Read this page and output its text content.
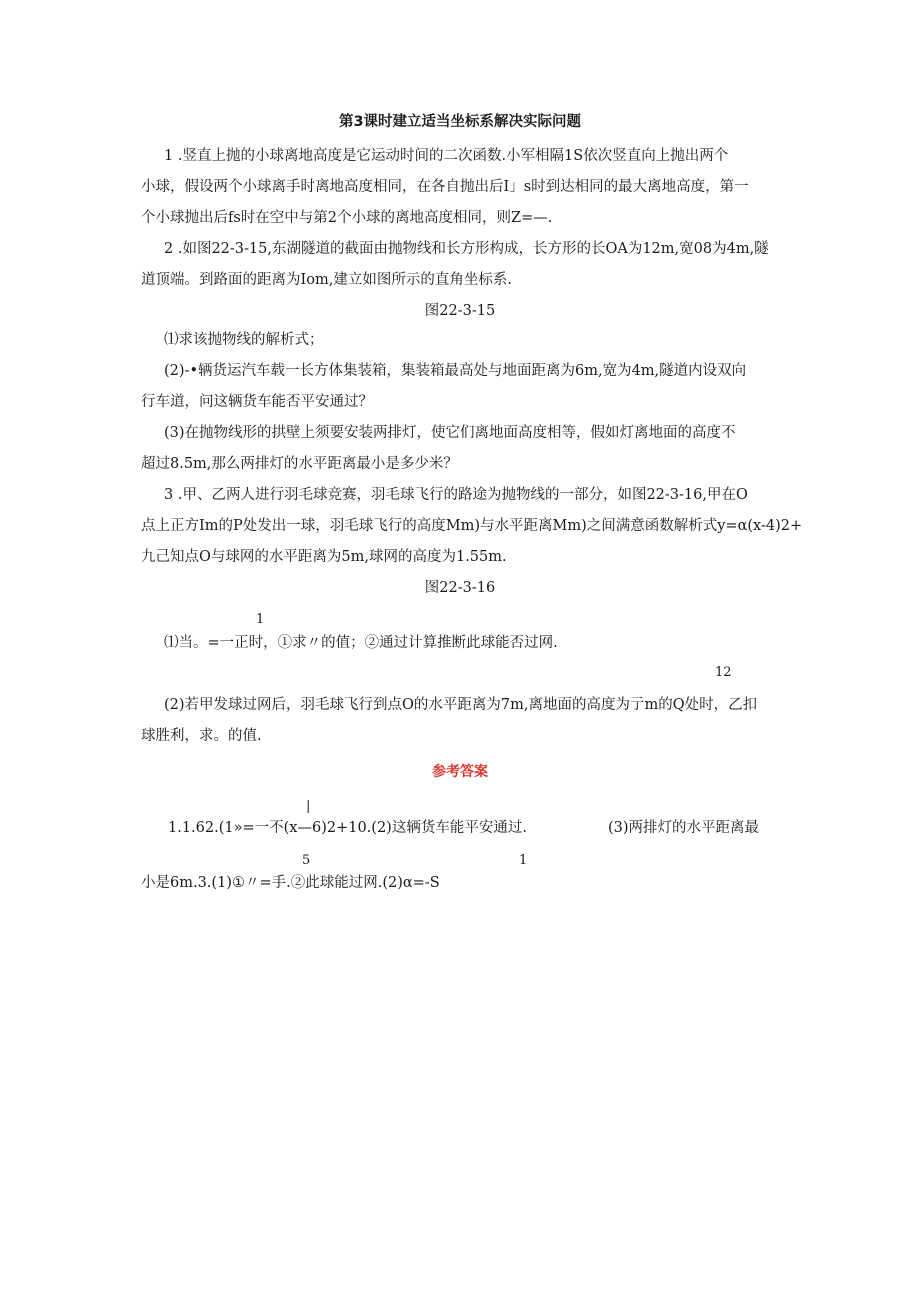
第3课时建立适当坐标系解决实际问题

1 .竖直上抛的小球离地高度是它运动时间的二次函数.小军相隔1S依次竖直向上抛出两个

小球，假设两个小球离手时离地高度相同，在各自抛出后I」s时到达相同的最大离地高度，第一

个小球抛出后fs时在空中与第2个小球的离地高度相同，则Z=—.

2 .如图22-3-15,东湖隧道的截面由抛物线和长方形构成，长方形的长OA为12m,宽08为4m,隧

道顶端。到路面的距离为Iom,建立如图所示的直角坐标系.

图22-3-15

⑴求该抛物线的解析式；

(2)-•辆货运汽车载一长方体集装箱，集装箱最高处与地面距离为6m,宽为4m,隧道内设双向

行车道，问这辆货车能否平安通过？

(3)在抛物线形的拱壁上须要安装两排灯，使它们离地面高度相等，假如灯离地面的高度不

超过8.5m,那么两排灯的水平距离最小是多少米？

3 .甲、乙两人进行羽毛球竞赛，羽毛球飞行的路途为抛物线的一部分，如图22-3-16,甲在O

点上正方Im的P处发出一球，羽毛球飞行的高度Mm)与水平距离Mm)之间满意函数解析式y=α(x-4)2+

九己知点O与球网的水平距离为5m,球网的高度为1.55m.

图22-3-16

1

⑴当。=一正时，①求〃的值；②通过计算推断此球能否过网.

12

(2)若甲发球过网后，羽毛球飞行到点O的水平距离为7m,离地面的高度为亍m的Q处时，乙扣

球胜利，求。的值.

参考答案

|

1.1.62.(1»=一不(x—6)2+10.(2)这辆货车能平安通过.	(3)两排灯的水平距离最

5	1

小是6m.3.(1)①〃=手.②此球能过网.(2)α=-S
